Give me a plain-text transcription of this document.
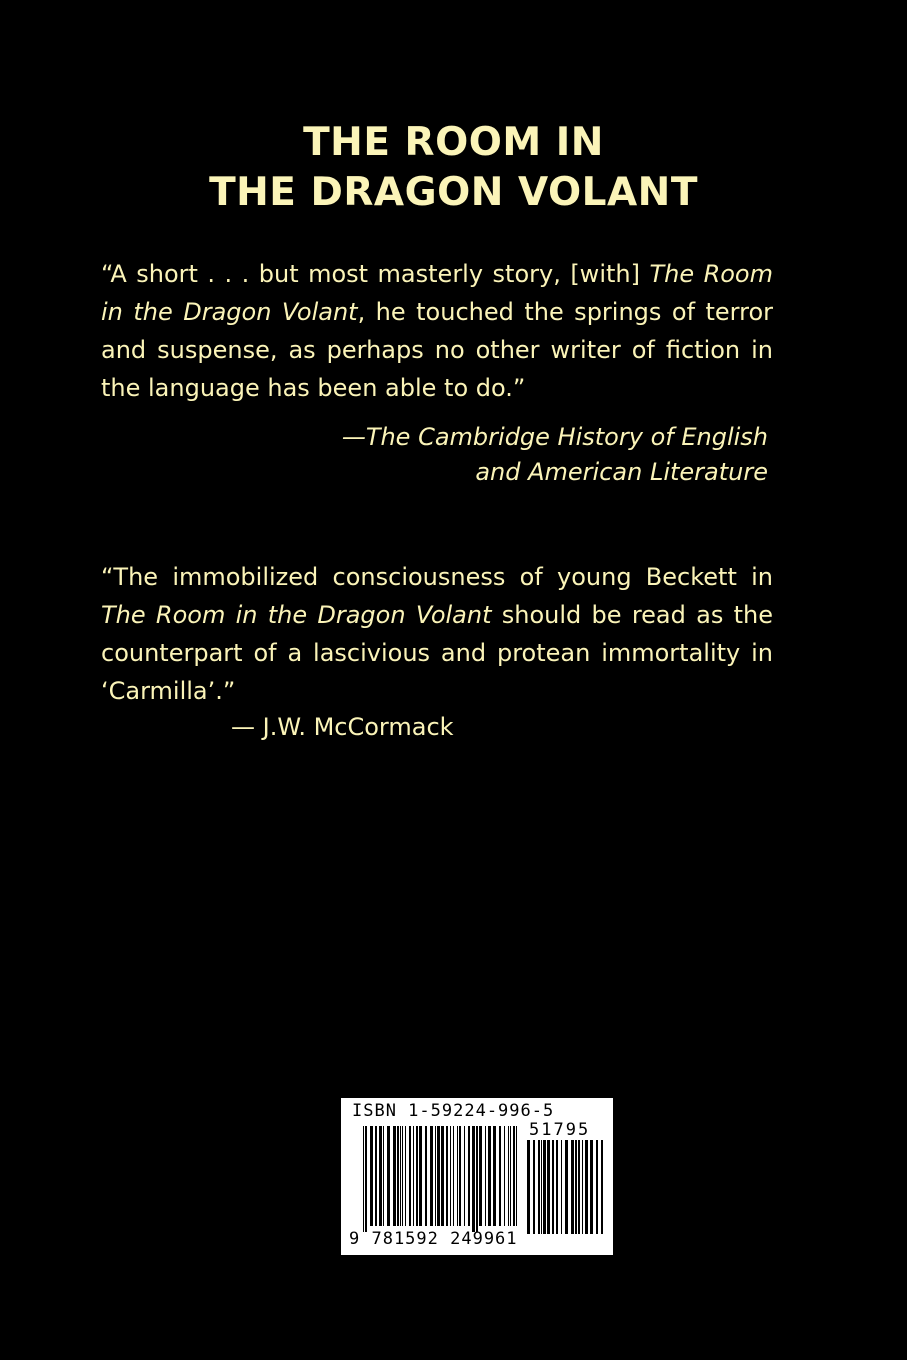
THE ROOM IN
THE DRAGON VOLANT
“A short . . . but most masterly story, [with] The Room in the Dragon Volant, he touched the springs of terror and suspense, as perhaps no other writer of fiction in the language has been able to do.”
—The Cambridge History of English
and American Literature
“The immobilized consciousness of young Beckett in The Room in the Dragon Volant should be read as the counterpart of a lascivious and protean immortality in ‘Carmilla’.”
— J.W. McCormack
ISBN 1-59224-996-5
51795
9 781592 249961
